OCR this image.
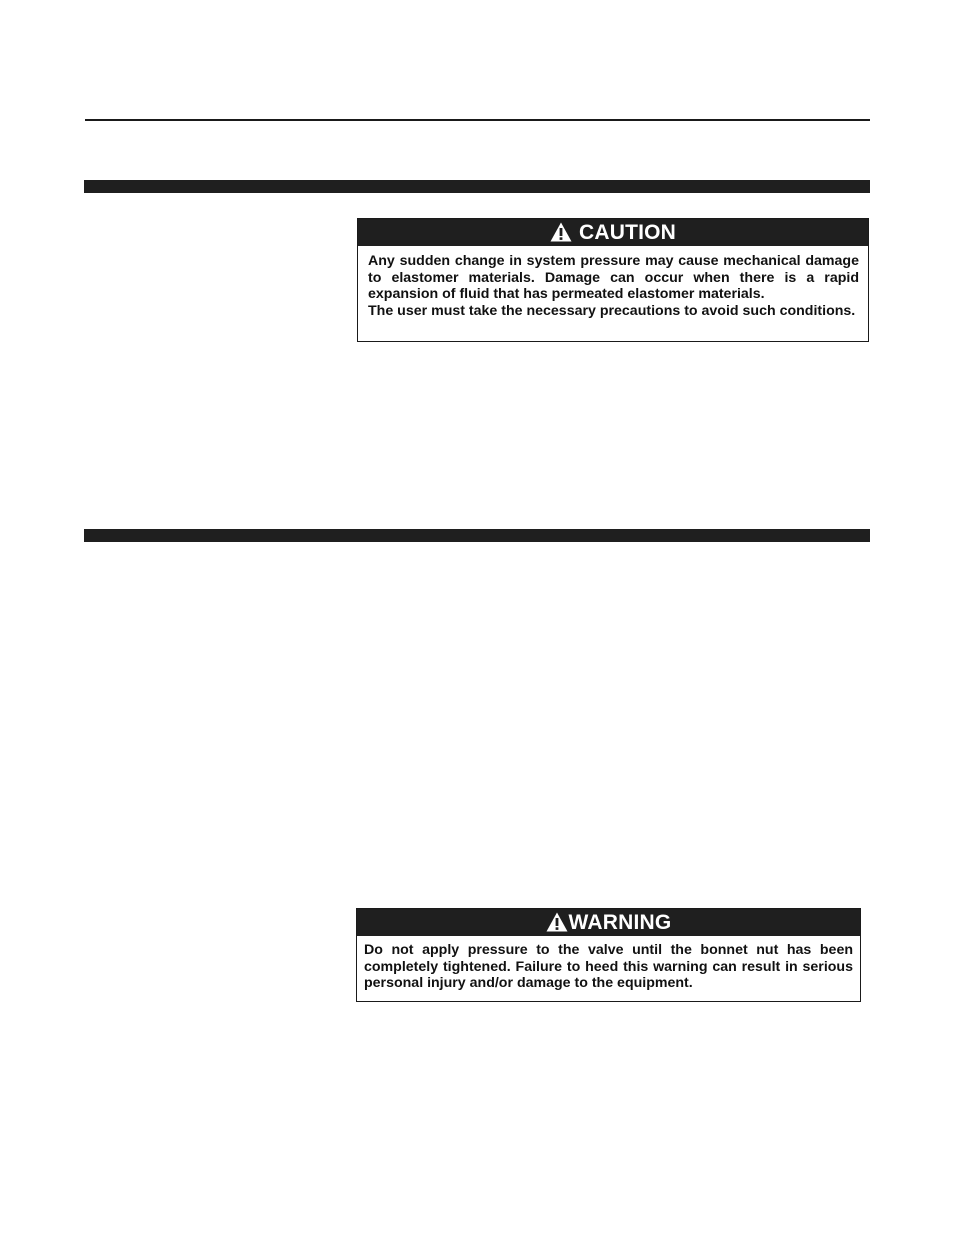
CAUTION

Any sudden change in system pressure may cause mechanical damage to elastomer materials. Damage can occur when there is a rapid expansion of fluid that has permeated elastomer materials.

The user must take the necessary precautions to avoid such conditions.

WARNING

Do not apply pressure to the valve until the bonnet nut has been completely tightened. Failure to heed this warning can result in serious personal injury and/or damage to the equipment.
